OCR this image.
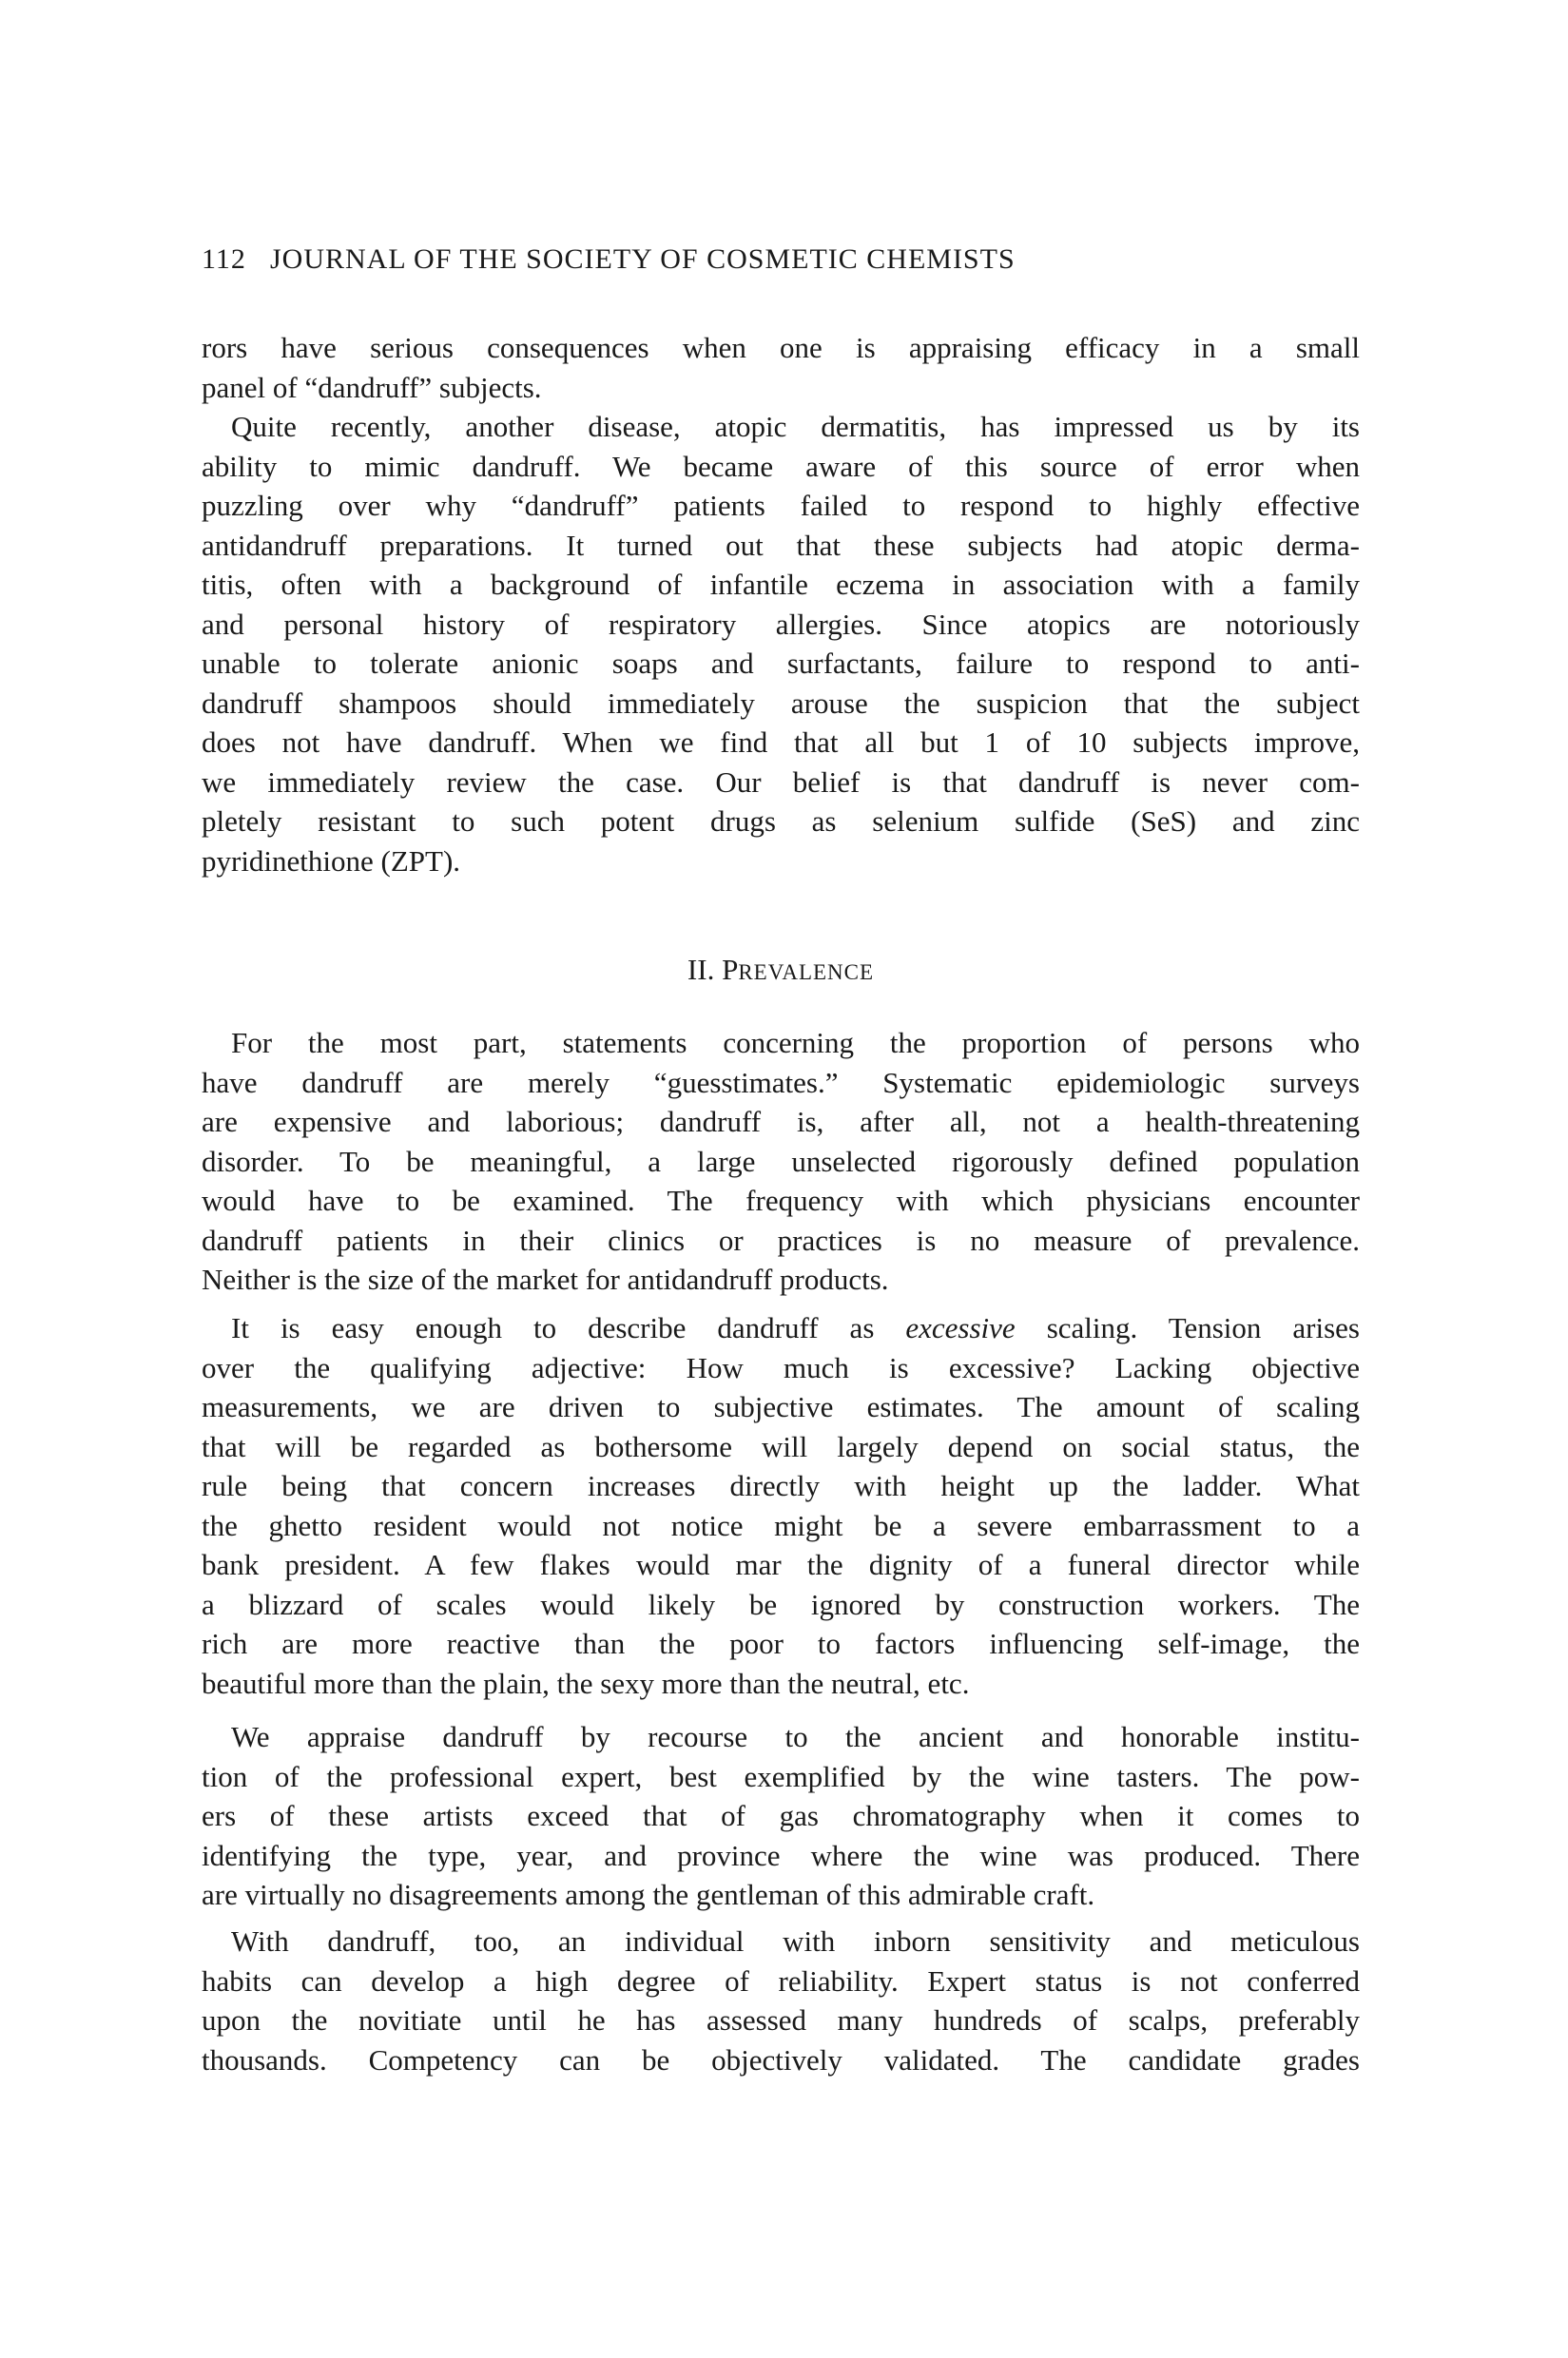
112 JOURNAL OF THE SOCIETY OF COSMETIC CHEMISTS
II. PREVALENCE
rors have serious consequences when one is appraising efficacy in a small
panel of “dandruff” subjects.
Quite recently, another disease, atopic dermatitis, has impressed us by its
ability to mimic dandruff. We became aware of this source of error when
puzzling over why “dandruff” patients failed to respond to highly effective
antidandruff preparations. It turned out that these subjects had atopic derma-
titis, often with a background of infantile eczema in association with a family
and personal history of respiratory allergies. Since atopics are notoriously
unable to tolerate anionic soaps and surfactants, failure to respond to anti-
dandruff shampoos should immediately arouse the suspicion that the subject
does not have dandruff. When we find that all but 1 of 10 subjects improve,
we immediately review the case. Our belief is that dandruff is never com-
pletely resistant to such potent drugs as selenium sulfide (SeS) and zinc
pyridinethione (ZPT).
For the most part, statements concerning the proportion of persons who
have dandruff are merely “guesstimates.” Systematic epidemiologic surveys
are expensive and laborious; dandruff is, after all, not a health-threatening
disorder. To be meaningful, a large unselected rigorously defined population
would have to be examined. The frequency with which physicians encounter
dandruff patients in their clinics or practices is no measure of prevalence.
Neither is the size of the market for antidandruff products.
It is easy enough to describe dandruff as excessive scaling. Tension arises
over the qualifying adjective: How much is excessive? Lacking objective
measurements, we are driven to subjective estimates. The amount of scaling
that will be regarded as bothersome will largely depend on social status, the
rule being that concern increases directly with height up the ladder. What
the ghetto resident would not notice might be a severe embarrassment to a
bank president. A few flakes would mar the dignity of a funeral director while
a blizzard of scales would likely be ignored by construction workers. The
rich are more reactive than the poor to factors influencing self-image, the
beautiful more than the plain, the sexy more than the neutral, etc.
We appraise dandruff by recourse to the ancient and honorable institu-
tion of the professional expert, best exemplified by the wine tasters. The pow-
ers of these artists exceed that of gas chromatography when it comes to
identifying the type, year, and province where the wine was produced. There
are virtually no disagreements among the gentleman of this admirable craft.
With dandruff, too, an individual with inborn sensitivity and meticulous
habits can develop a high degree of reliability. Expert status is not conferred
upon the novitiate until he has assessed many hundreds of scalps, preferably
thousands. Competency can be objectively validated. The candidate grades
